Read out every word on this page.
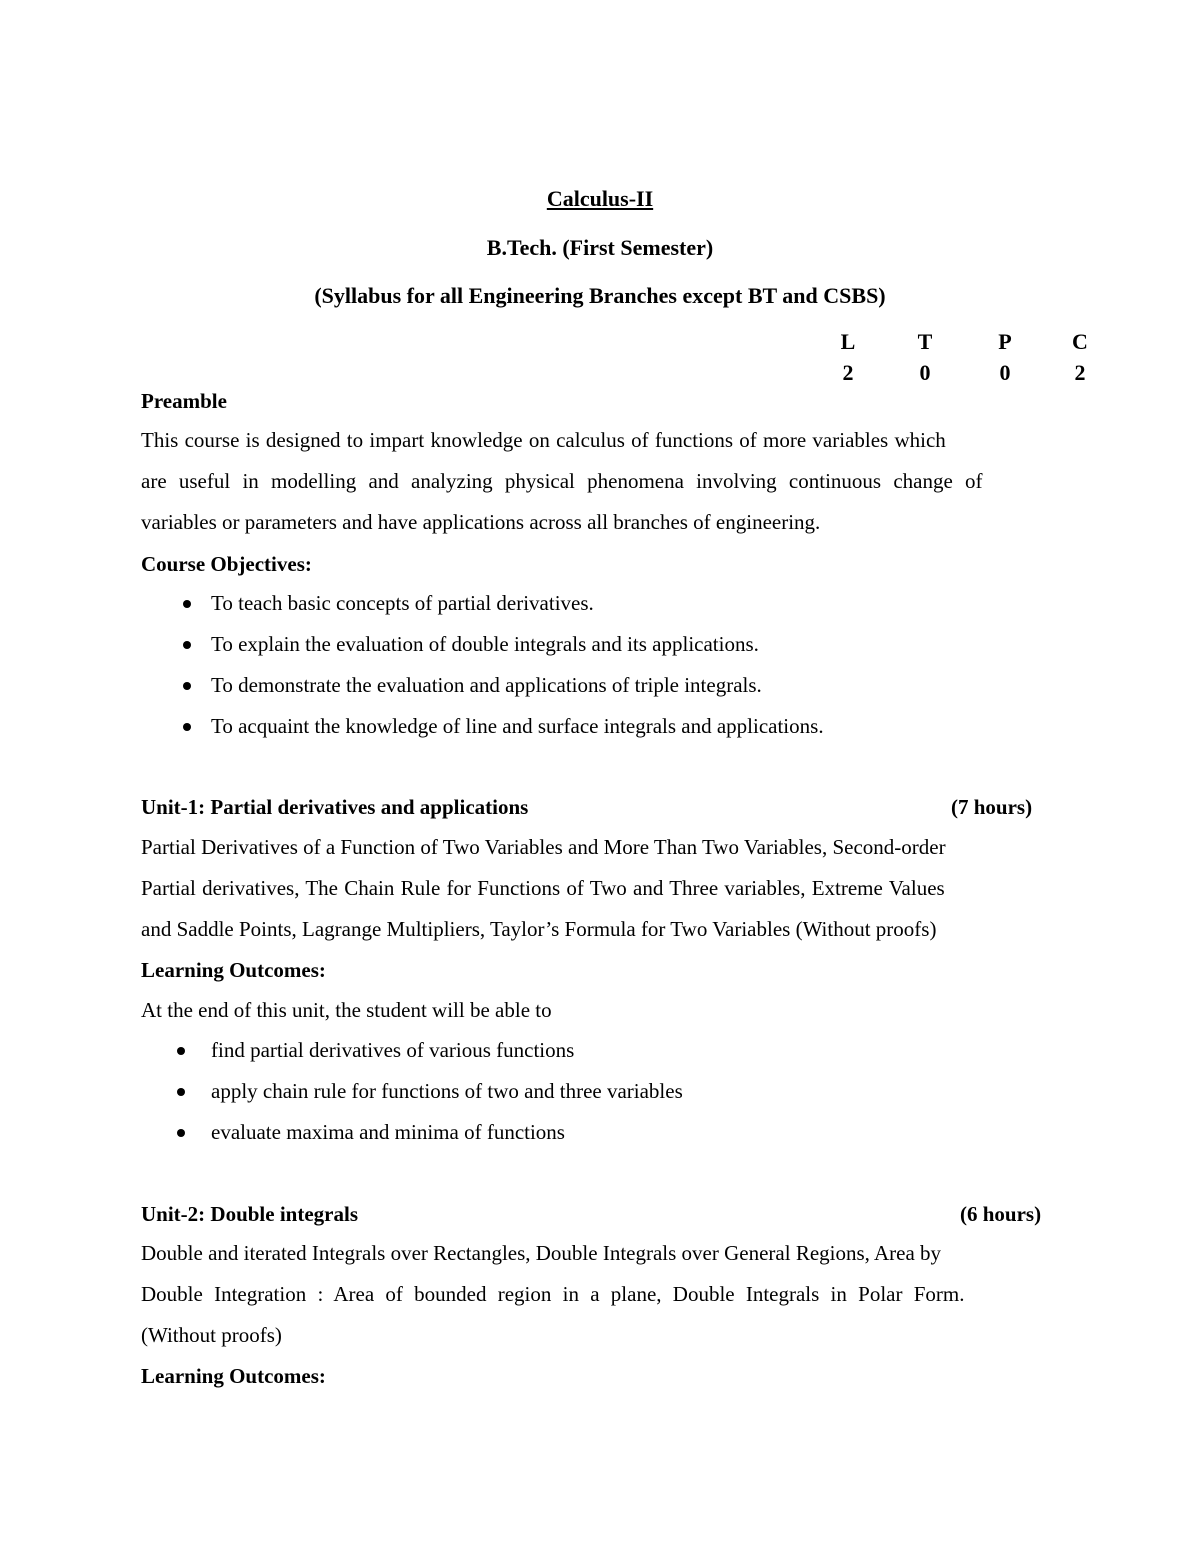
Calculus-II
B.Tech. (First Semester)
(Syllabus for all Engineering Branches except BT and CSBS)
L	T	P	C
2	0	0	2
Preamble
This course is designed to impart knowledge on calculus of functions of more variables which
are useful in modelling and analyzing physical phenomena involving continuous change of
variables or parameters and have applications across all branches of engineering.
Course Objectives:
To teach basic concepts of partial derivatives.
To explain the evaluation of double integrals and its applications.
To demonstrate the evaluation and applications of triple integrals.
To acquaint the knowledge of line and surface integrals and applications.
Unit-1: Partial derivatives and applications	(7 hours)
Partial Derivatives of a Function of Two Variables and More Than Two Variables, Second-order
Partial derivatives, The Chain Rule for Functions of Two and Three variables, Extreme Values
and Saddle Points, Lagrange Multipliers, Taylor’s Formula for Two Variables (Without proofs)
Learning Outcomes:
At the end of this unit, the student will be able to
find partial derivatives of various functions
apply chain rule for functions of two and three variables
evaluate maxima and minima of functions
Unit-2: Double integrals	(6 hours)
Double and iterated Integrals over Rectangles, Double Integrals over General Regions, Area by
Double Integration : Area of bounded region in a plane, Double Integrals in Polar Form.
(Without proofs)
Learning Outcomes:
